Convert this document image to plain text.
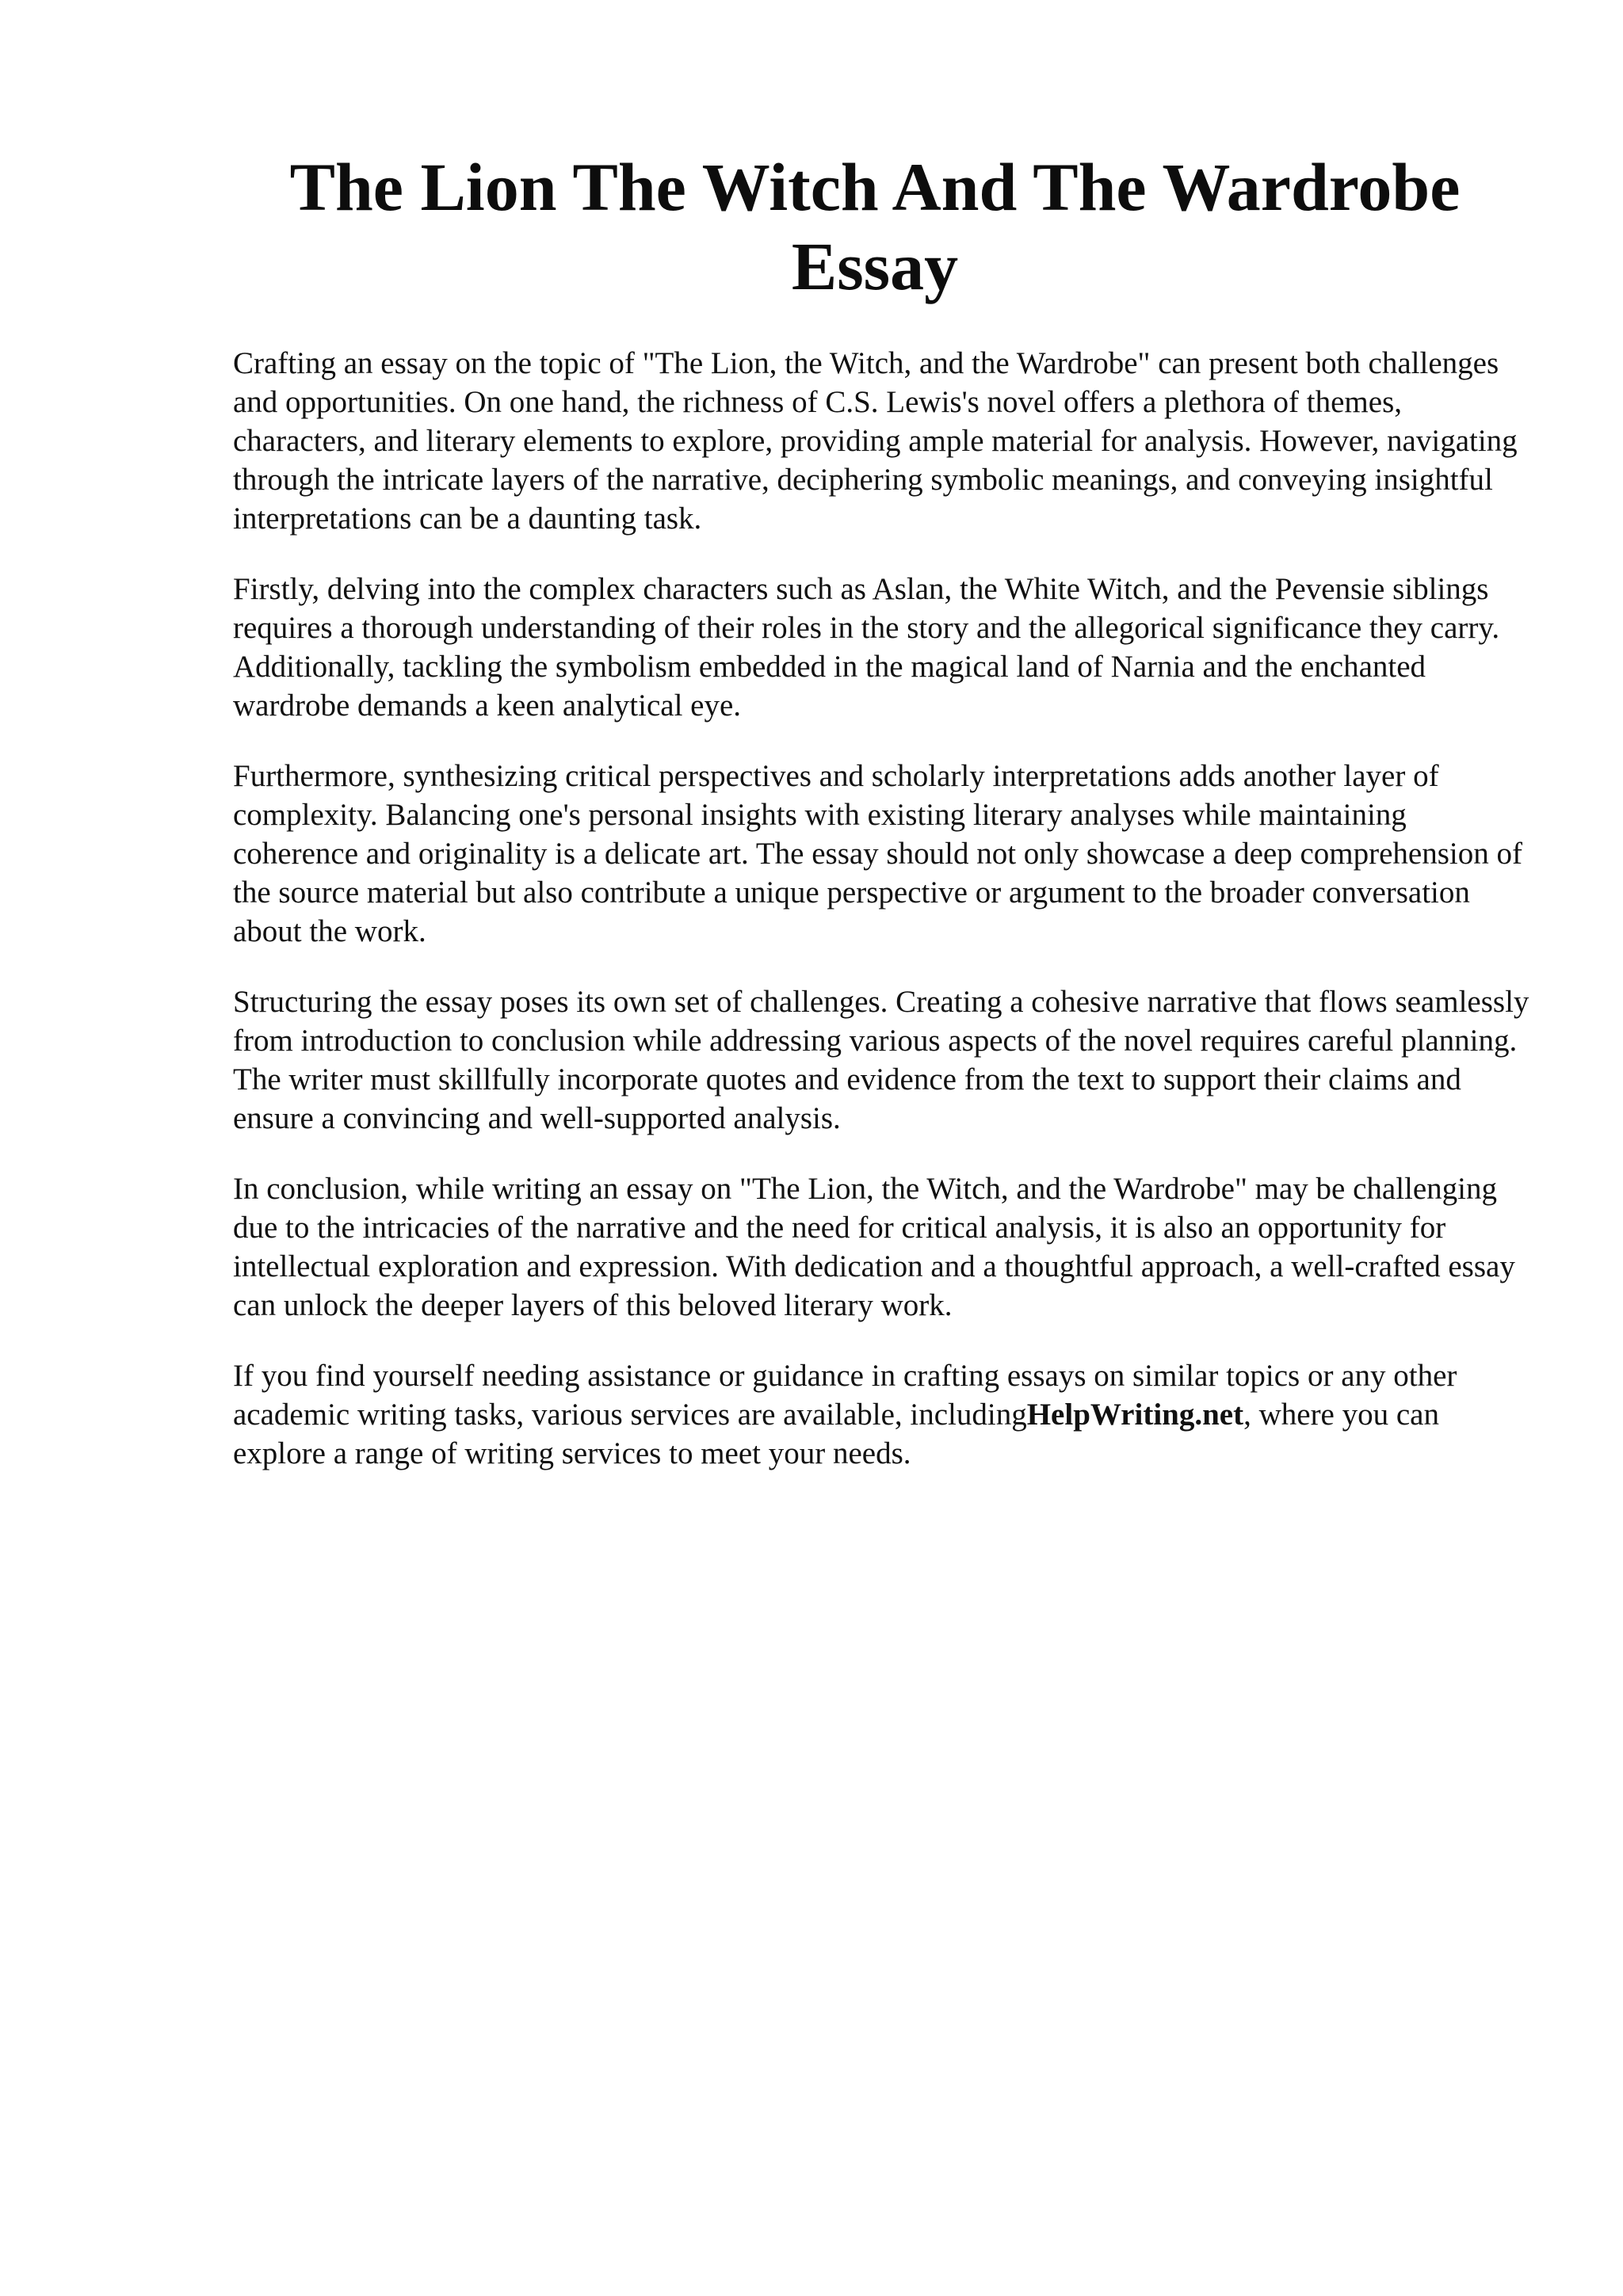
The Lion The Witch And The Wardrobe Essay

Crafting an essay on the topic of "The Lion, the Witch, and the Wardrobe" can present both challenges and opportunities. On one hand, the richness of C.S. Lewis's novel offers a plethora of themes, characters, and literary elements to explore, providing ample material for analysis. However, navigating through the intricate layers of the narrative, deciphering symbolic meanings, and conveying insightful interpretations can be a daunting task.

Firstly, delving into the complex characters such as Aslan, the White Witch, and the Pevensie siblings requires a thorough understanding of their roles in the story and the allegorical significance they carry. Additionally, tackling the symbolism embedded in the magical land of Narnia and the enchanted wardrobe demands a keen analytical eye.

Furthermore, synthesizing critical perspectives and scholarly interpretations adds another layer of complexity. Balancing one's personal insights with existing literary analyses while maintaining coherence and originality is a delicate art. The essay should not only showcase a deep comprehension of the source material but also contribute a unique perspective or argument to the broader conversation about the work.

Structuring the essay poses its own set of challenges. Creating a cohesive narrative that flows seamlessly from introduction to conclusion while addressing various aspects of the novel requires careful planning. The writer must skillfully incorporate quotes and evidence from the text to support their claims and ensure a convincing and well-supported analysis.

In conclusion, while writing an essay on "The Lion, the Witch, and the Wardrobe" may be challenging due to the intricacies of the narrative and the need for critical analysis, it is also an opportunity for intellectual exploration and expression. With dedication and a thoughtful approach, a well-crafted essay can unlock the deeper layers of this beloved literary work.

If you find yourself needing assistance or guidance in crafting essays on similar topics or any other academic writing tasks, various services are available, includingHelpWriting.net, where you can explore a range of writing services to meet your needs.
